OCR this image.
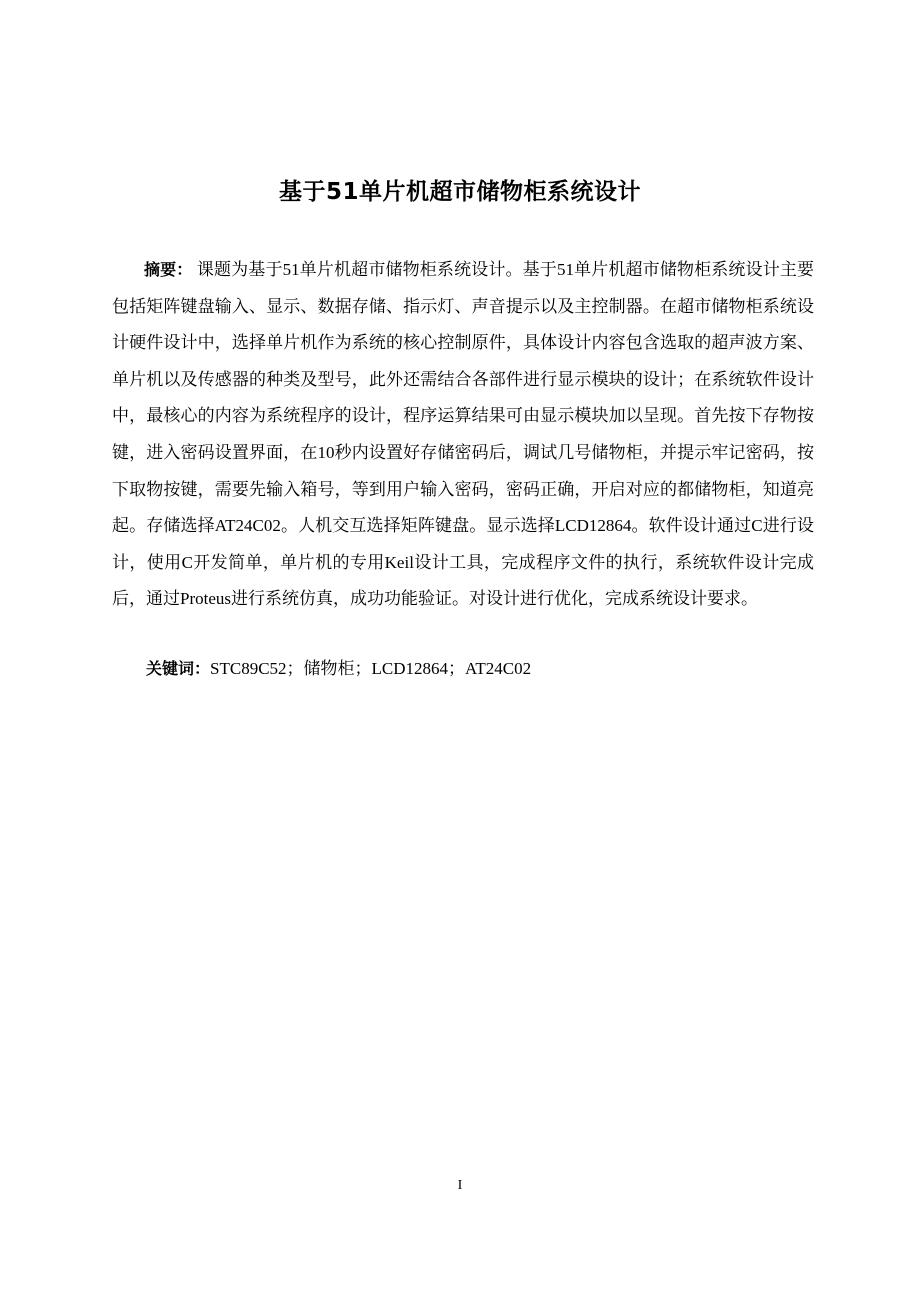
基于51单片机超市储物柜系统设计

摘要： 课题为基于51单片机超市储物柜系统设计。基于51单片机超市储物柜系统设计主要包括矩阵键盘输入、显示、数据存储、指示灯、声音提示以及主控制器。在超市储物柜系统设计硬件设计中，选择单片机作为系统的核心控制原件，具体设计内容包含选取的超声波方案、单片机以及传感器的种类及型号，此外还需结合各部件进行显示模块的设计；在系统软件设计中，最核心的内容为系统程序的设计，程序运算结果可由显示模块加以呈现。首先按下存物按键，进入密码设置界面，在10秒内设置好存储密码后，调试几号储物柜，并提示牢记密码，按下取物按键，需要先输入箱号，等到用户输入密码，密码正确，开启对应的都储物柜，知道亮起。存储选择AT24C02。人机交互选择矩阵键盘。显示选择LCD12864。软件设计通过C进行设计，使用C开发简单，单片机的专用Keil设计工具，完成程序文件的执行，系统软件设计完成后，通过Proteus进行系统仿真，成功功能验证。对设计进行优化，完成系统设计要求。

关键词：STC89C52；储物柜；LCD12864；AT24C02

I
